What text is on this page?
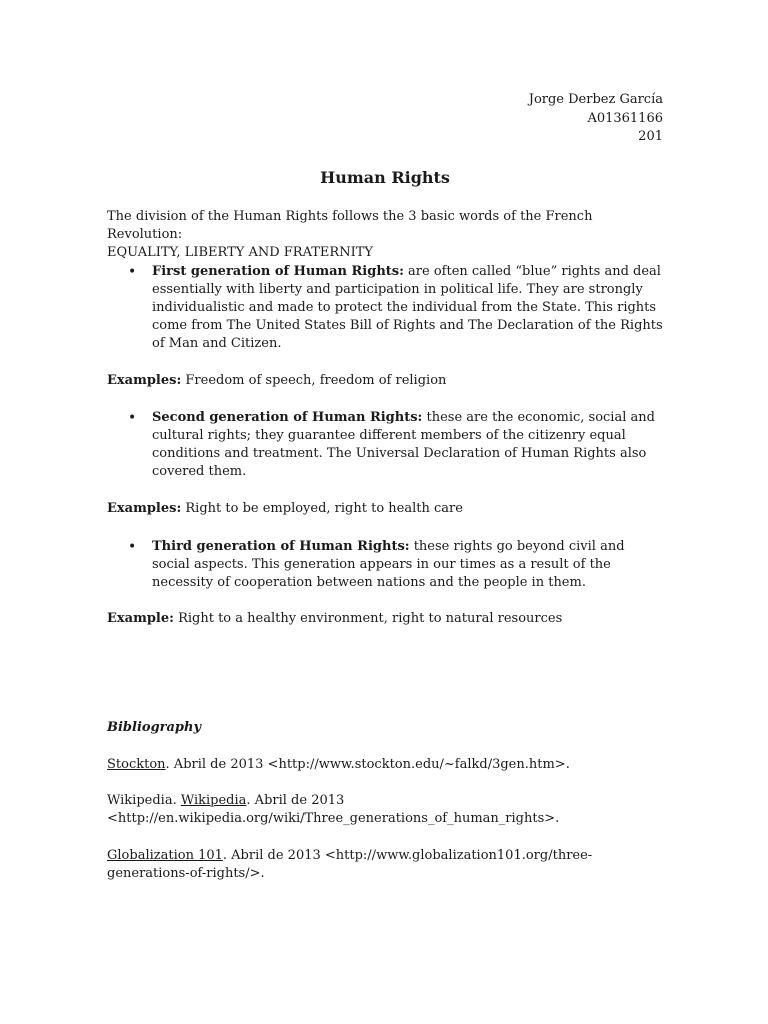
Jorge Derbez García
A01361166
201
Human Rights

The division of the Human Rights follows the 3 basic words of the French Revolution:

EQUALITY, LIBERTY AND FRATERNITY

• First generation of Human Rights: are often called “blue” rights and deal essentially with liberty and participation in political life. They are strongly individualistic and made to protect the individual from the State. This rights come from The United States Bill of Rights and The Declaration of the Rights of Man and Citizen.

Examples: Freedom of speech, freedom of religion

• Second generation of Human Rights: these are the economic, social and cultural rights; they guarantee different members of the citizenry equal conditions and treatment. The Universal Declaration of Human Rights also covered them.

Examples: Right to be employed, right to health care

• Third generation of Human Rights: these rights go beyond civil and social aspects. This generation appears in our times as a result of the necessity of cooperation between nations and the people in them.

Example: Right to a healthy environment, right to natural resources

Bibliography

Stockton. Abril de 2013 <http://www.stockton.edu/~falkd/3gen.htm>.

Wikipedia. Wikipedia. Abril de 2013 <http://en.wikipedia.org/wiki/Three_generations_of_human_rights>.

Globalization 101. Abril de 2013 <http://www.globalization101.org/three-generations-of-rights/>.
